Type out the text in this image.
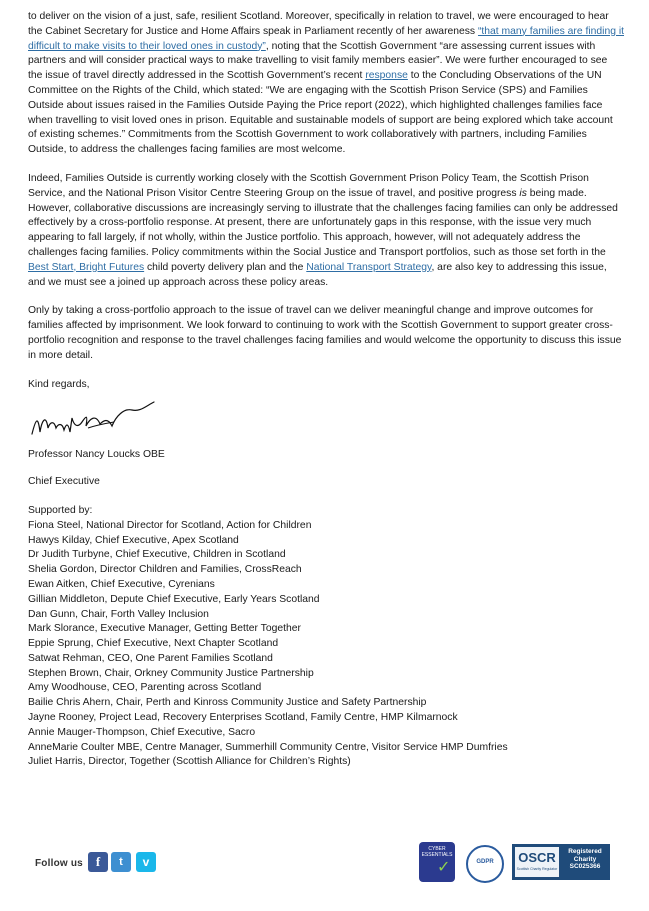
to deliver on the vision of a just, safe, resilient Scotland. Moreover, specifically in relation to travel, we were encouraged to hear the Cabinet Secretary for Justice and Home Affairs speak in Parliament recently of her awareness “that many families are finding it difficult to make visits to their loved ones in custody”, noting that the Scottish Government “are assessing current issues with partners and will consider practical ways to make travelling to visit family members easier”. We were further encouraged to see the issue of travel directly addressed in the Scottish Government’s recent response to the Concluding Observations of the UN Committee on the Rights of the Child, which stated: “We are engaging with the Scottish Prison Service (SPS) and Families Outside about issues raised in the Families Outside Paying the Price report (2022), which highlighted challenges families face when travelling to visit loved ones in prison. Equitable and sustainable models of support are being explored which take account of existing schemes.” Commitments from the Scottish Government to work collaboratively with partners, including Families Outside, to address the challenges facing families are most welcome.

Indeed, Families Outside is currently working closely with the Scottish Government Prison Policy Team, the Scottish Prison Service, and the National Prison Visitor Centre Steering Group on the issue of travel, and positive progress is being made. However, collaborative discussions are increasingly serving to illustrate that the challenges facing families can only be addressed effectively by a cross-portfolio response. At present, there are unfortunately gaps in this response, with the issue very much appearing to fall largely, if not wholly, within the Justice portfolio. This approach, however, will not adequately address the challenges facing families. Policy commitments within the Social Justice and Transport portfolios, such as those set forth in the Best Start, Bright Futures child poverty delivery plan and the National Transport Strategy, are also key to addressing this issue, and we must see a joined up approach across these policy areas.

Only by taking a cross-portfolio approach to the issue of travel can we deliver meaningful change and improve outcomes for families affected by imprisonment. We look forward to continuing to work with the Scottish Government to support greater cross-portfolio recognition and response to the travel challenges facing families and would welcome the opportunity to discuss this issue in more detail.

Kind regards,

Professor Nancy Loucks OBE

Chief Executive

Supported by:
Fiona Steel, National Director for Scotland, Action for Children
Hawys Kilday, Chief Executive, Apex Scotland
Dr Judith Turbyne, Chief Executive, Children in Scotland
Shelia Gordon, Director Children and Families, CrossReach
Ewan Aitken, Chief Executive, Cyrenians
Gillian Middleton, Depute Chief Executive, Early Years Scotland
Dan Gunn, Chair, Forth Valley Inclusion
Mark Slorance, Executive Manager, Getting Better Together
Eppie Sprung, Chief Executive, Next Chapter Scotland
Satwat Rehman, CEO, One Parent Families Scotland
Stephen Brown, Chair, Orkney Community Justice Partnership
Amy Woodhouse, CEO, Parenting across Scotland
Bailie Chris Ahern, Chair, Perth and Kinross Community Justice and Safety Partnership
Jayne Rooney, Project Lead, Recovery Enterprises Scotland, Family Centre, HMP Kilmarnock
Annie Mauger-Thompson, Chief Executive, Sacro
AnneMarie Coulter MBE, Centre Manager, Summerhill Community Centre, Visitor Service HMP Dumfries
Juliet Harris, Director, Together (Scottish Alliance for Children’s Rights)
Follow us f	t	v
CYBER ESSENTIALS
✓	GDPR	OSCR
Scottish Charity Regulator
Registered Charity
SC025366
